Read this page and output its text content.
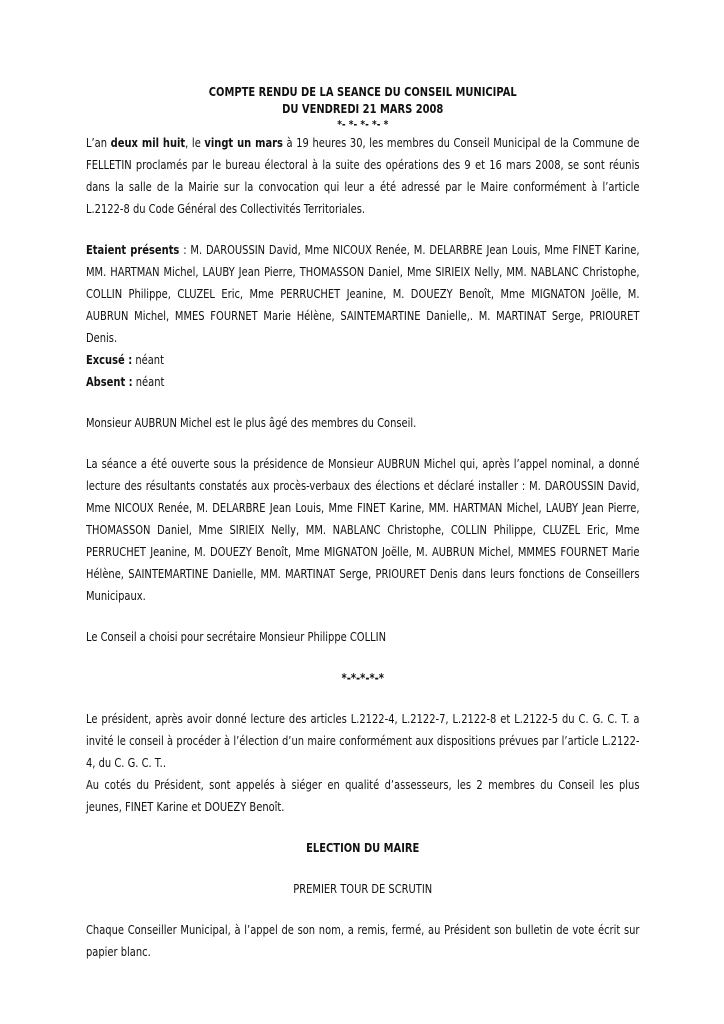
COMPTE RENDU DE LA SEANCE DU CONSEIL MUNICIPAL
DU VENDREDI 21 MARS 2008
*- *- *- *- *

L’an deux mil huit, le vingt un mars à 19 heures 30, les membres du Conseil Municipal de la Commune de FELLETIN proclamés par le bureau électoral à la suite des opérations des 9 et 16 mars 2008, se sont réunis dans la salle de la Mairie sur la convocation qui leur a été adressé par le Maire conformément à l’article L.2122-8 du Code Général des Collectivités Territoriales.

Etaient présents : M. DAROUSSIN David, Mme NICOUX Renée, M. DELARBRE Jean Louis, Mme FINET Karine, MM. HARTMAN Michel, LAUBY Jean Pierre, THOMASSON Daniel, Mme SIRIEIX Nelly, MM. NABLANC Christophe, COLLIN Philippe, CLUZEL Eric, Mme PERRUCHET Jeanine, M. DOUEZY Benoît, Mme MIGNATON Joëlle, M. AUBRUN Michel, MMES FOURNET Marie Hélène, SAINTEMARTINE Danielle,. M. MARTINAT Serge, PRIOURET Denis.

Excusé : néant

Absent : néant

Monsieur AUBRUN Michel est le plus âgé des membres du Conseil.

La séance a été ouverte sous la présidence de Monsieur AUBRUN Michel qui, après l’appel nominal, a donné lecture des résultants constatés aux procès-verbaux des élections et déclaré installer : M. DAROUSSIN David, Mme NICOUX Renée, M. DELARBRE Jean Louis, Mme FINET Karine, MM. HARTMAN Michel, LAUBY Jean Pierre, THOMASSON Daniel, Mme SIRIEIX Nelly, MM. NABLANC Christophe, COLLIN Philippe, CLUZEL Eric, Mme PERRUCHET Jeanine, M. DOUEZY Benoît, Mme MIGNATON Joëlle, M. AUBRUN Michel, MMMES FOURNET Marie Hélène, SAINTEMARTINE Danielle, MM. MARTINAT Serge, PRIOURET Denis dans leurs fonctions de Conseillers Municipaux.

Le Conseil a choisi pour secrétaire Monsieur Philippe COLLIN

*-*-*-*-*

Le président, après avoir donné lecture des articles L.2122-4, L.2122-7, L.2122-8 et L.2122-5 du C. G. C. T. a invité le conseil à procéder à l’élection d’un maire conformément aux dispositions prévues par l’article L.2122-4, du C. G. C. T..

Au cotés du Président, sont appelés à siéger en qualité d’assesseurs, les 2 membres du Conseil les plus jeunes, FINET Karine et DOUEZY Benoît.

ELECTION DU MAIRE
PREMIER TOUR DE SCRUTIN

Chaque Conseiller Municipal, à l’appel de son nom, a remis, fermé, au Président son bulletin de vote écrit sur papier blanc.
